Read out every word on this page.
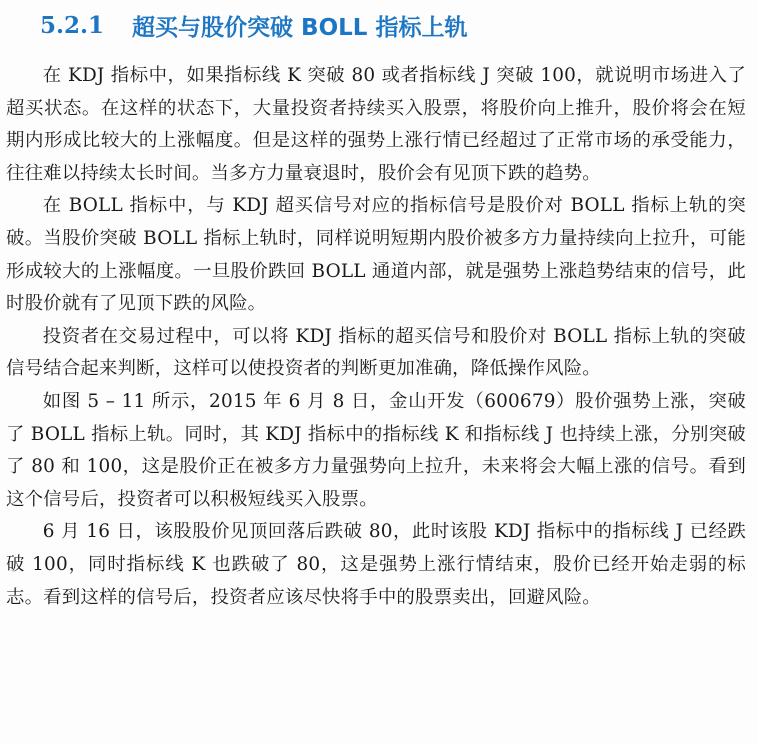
5.2.1 超买与股价突破 BOLL 指标上轨

在 KDJ 指标中，如果指标线 K 突破 80 或者指标线 J 突破 100，就说明市场进入了超买状态。在这样的状态下，大量投资者持续买入股票，将股价向上推升，股价将会在短期内形成比较大的上涨幅度。但是这样的强势上涨行情已经超过了正常市场的承受能力，往往难以持续太长时间。当多方力量衰退时，股价会有见顶下跌的趋势。

在 BOLL 指标中，与 KDJ 超买信号对应的指标信号是股价对 BOLL 指标上轨的突破。当股价突破 BOLL 指标上轨时，同样说明短期内股价被多方力量持续向上拉升，可能形成较大的上涨幅度。一旦股价跌回 BOLL 通道内部，就是强势上涨趋势结束的信号，此时股价就有了见顶下跌的风险。

投资者在交易过程中，可以将 KDJ 指标的超买信号和股价对 BOLL 指标上轨的突破信号结合起来判断，这样可以使投资者的判断更加准确，降低操作风险。

如图 5 – 11 所示，2015 年 6 月 8 日，金山开发（600679）股价强势上涨，突破了 BOLL 指标上轨。同时，其 KDJ 指标中的指标线 K 和指标线 J 也持续上涨，分别突破了 80 和 100，这是股价正在被多方力量强势向上拉升，未来将会大幅上涨的信号。看到这个信号后，投资者可以积极短线买入股票。

6 月 16 日，该股股价见顶回落后跌破 80，此时该股 KDJ 指标中的指标线 J 已经跌破 100，同时指标线 K 也跌破了 80，这是强势上涨行情结束，股价已经开始走弱的标志。看到这样的信号后，投资者应该尽快将手中的股票卖出，回避风险。
